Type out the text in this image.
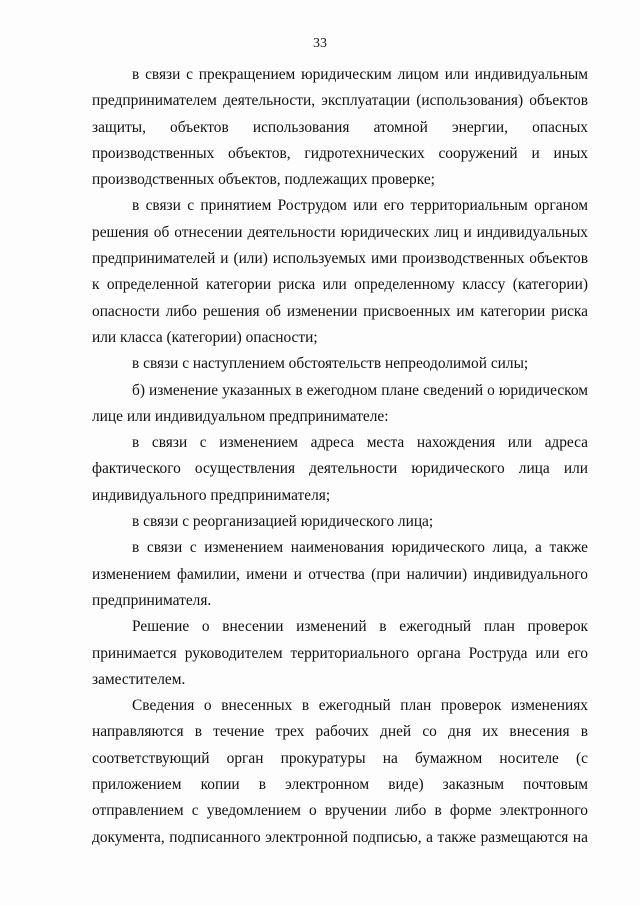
33

в связи с прекращением юридическим лицом или индивидуальным предпринимателем деятельности, эксплуатации (использования) объектов защиты, объектов использования атомной энергии, опасных производственных объектов, гидротехнических сооружений и иных производственных объектов, подлежащих проверке;

в связи с принятием Рострудом или его территориальным органом решения об отнесении деятельности юридических лиц и индивидуальных предпринимателей и (или) используемых ими производственных объектов к определенной категории риска или определенному классу (категории) опасности либо решения об изменении присвоенных им категории риска или класса (категории) опасности;

в связи с наступлением обстоятельств непреодолимой силы;

б) изменение указанных в ежегодном плане сведений о юридическом лице или индивидуальном предпринимателе:

в связи с изменением адреса места нахождения или адреса фактического осуществления деятельности юридического лица или индивидуального предпринимателя;

в связи с реорганизацией юридического лица;

в связи с изменением наименования юридического лица, а также изменением фамилии, имени и отчества (при наличии) индивидуального предпринимателя.

Решение о внесении изменений в ежегодный план проверок принимается руководителем территориального органа Роструда или его заместителем.

Сведения о внесенных в ежегодный план проверок изменениях направляются в течение трех рабочих дней со дня их внесения в соответствующий орган прокуратуры на бумажном носителе (с приложением копии в электронном виде) заказным почтовым отправлением с уведомлением о вручении либо в форме электронного документа, подписанного электронной подписью, а также размещаются на
